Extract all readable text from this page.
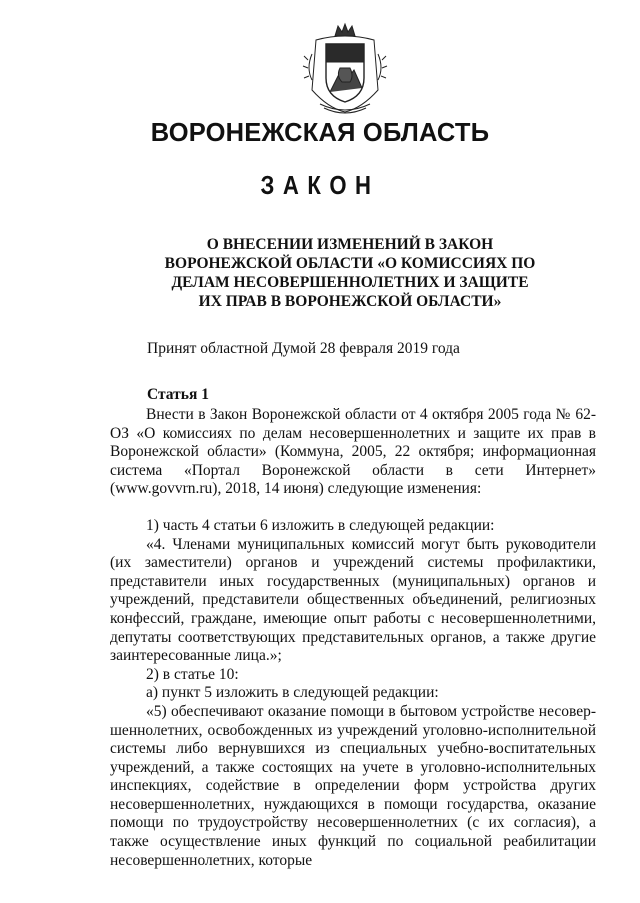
ВОРОНЕЖСКАЯ ОБЛАСТЬ
ЗАКОН
О ВНЕСЕНИИ ИЗМЕНЕНИЙ В ЗАКОН
ВОРОНЕЖСКОЙ ОБЛАСТИ «О КОМИССИЯХ ПО
ДЕЛАМ НЕСОВЕРШЕННОЛЕТНИХ И ЗАЩИТЕ
ИХ ПРАВ В ВОРОНЕЖСКОЙ ОБЛАСТИ»
Принят областной Думой 28 февраля 2019 года
Статья 1

Внести в Закон Воронежской области от 4 октября 2005 года № 62-ОЗ «О комиссиях по делам несовершеннолетних и защите их прав в Воронежской области» (Коммуна, 2005, 22 октября; информационная система «Портал Воронежской области в сети Интернет» (www.govvrn.ru), 2018, 14 июня) следующие изменения:

1) часть 4 статьи 6 изложить в следующей редакции:

«4. Членами муниципальных комиссий могут быть руководители (их заместители) органов и учреждений системы профилактики, представители иных государственных (муниципальных) органов и учреждений, представители общественных объединений, религиозных конфессий, граждане, имеющие опыт работы с несовершеннолетними, депутаты соответствующих представительных органов, а также другие заинтересованные лица.»;

2) в статье 10:

а) пункт 5 изложить в следующей редакции:

«5) обеспечивают оказание помощи в бытовом устройстве несовершеннолетних, освобожденных из учреждений уголовно-исполнительной системы либо вернувшихся из специальных учебно-воспитательных учреждений, а также состоящих на учете в уголовно-исполнительных инспекциях, содействие в определении форм устройства других несовершеннолетних, нуждающихся в помощи государства, оказание помощи по трудоустройству несовершеннолетних (с их согласия), а также осуществление иных функций по социальной реабилитации несовершеннолетних, которые
